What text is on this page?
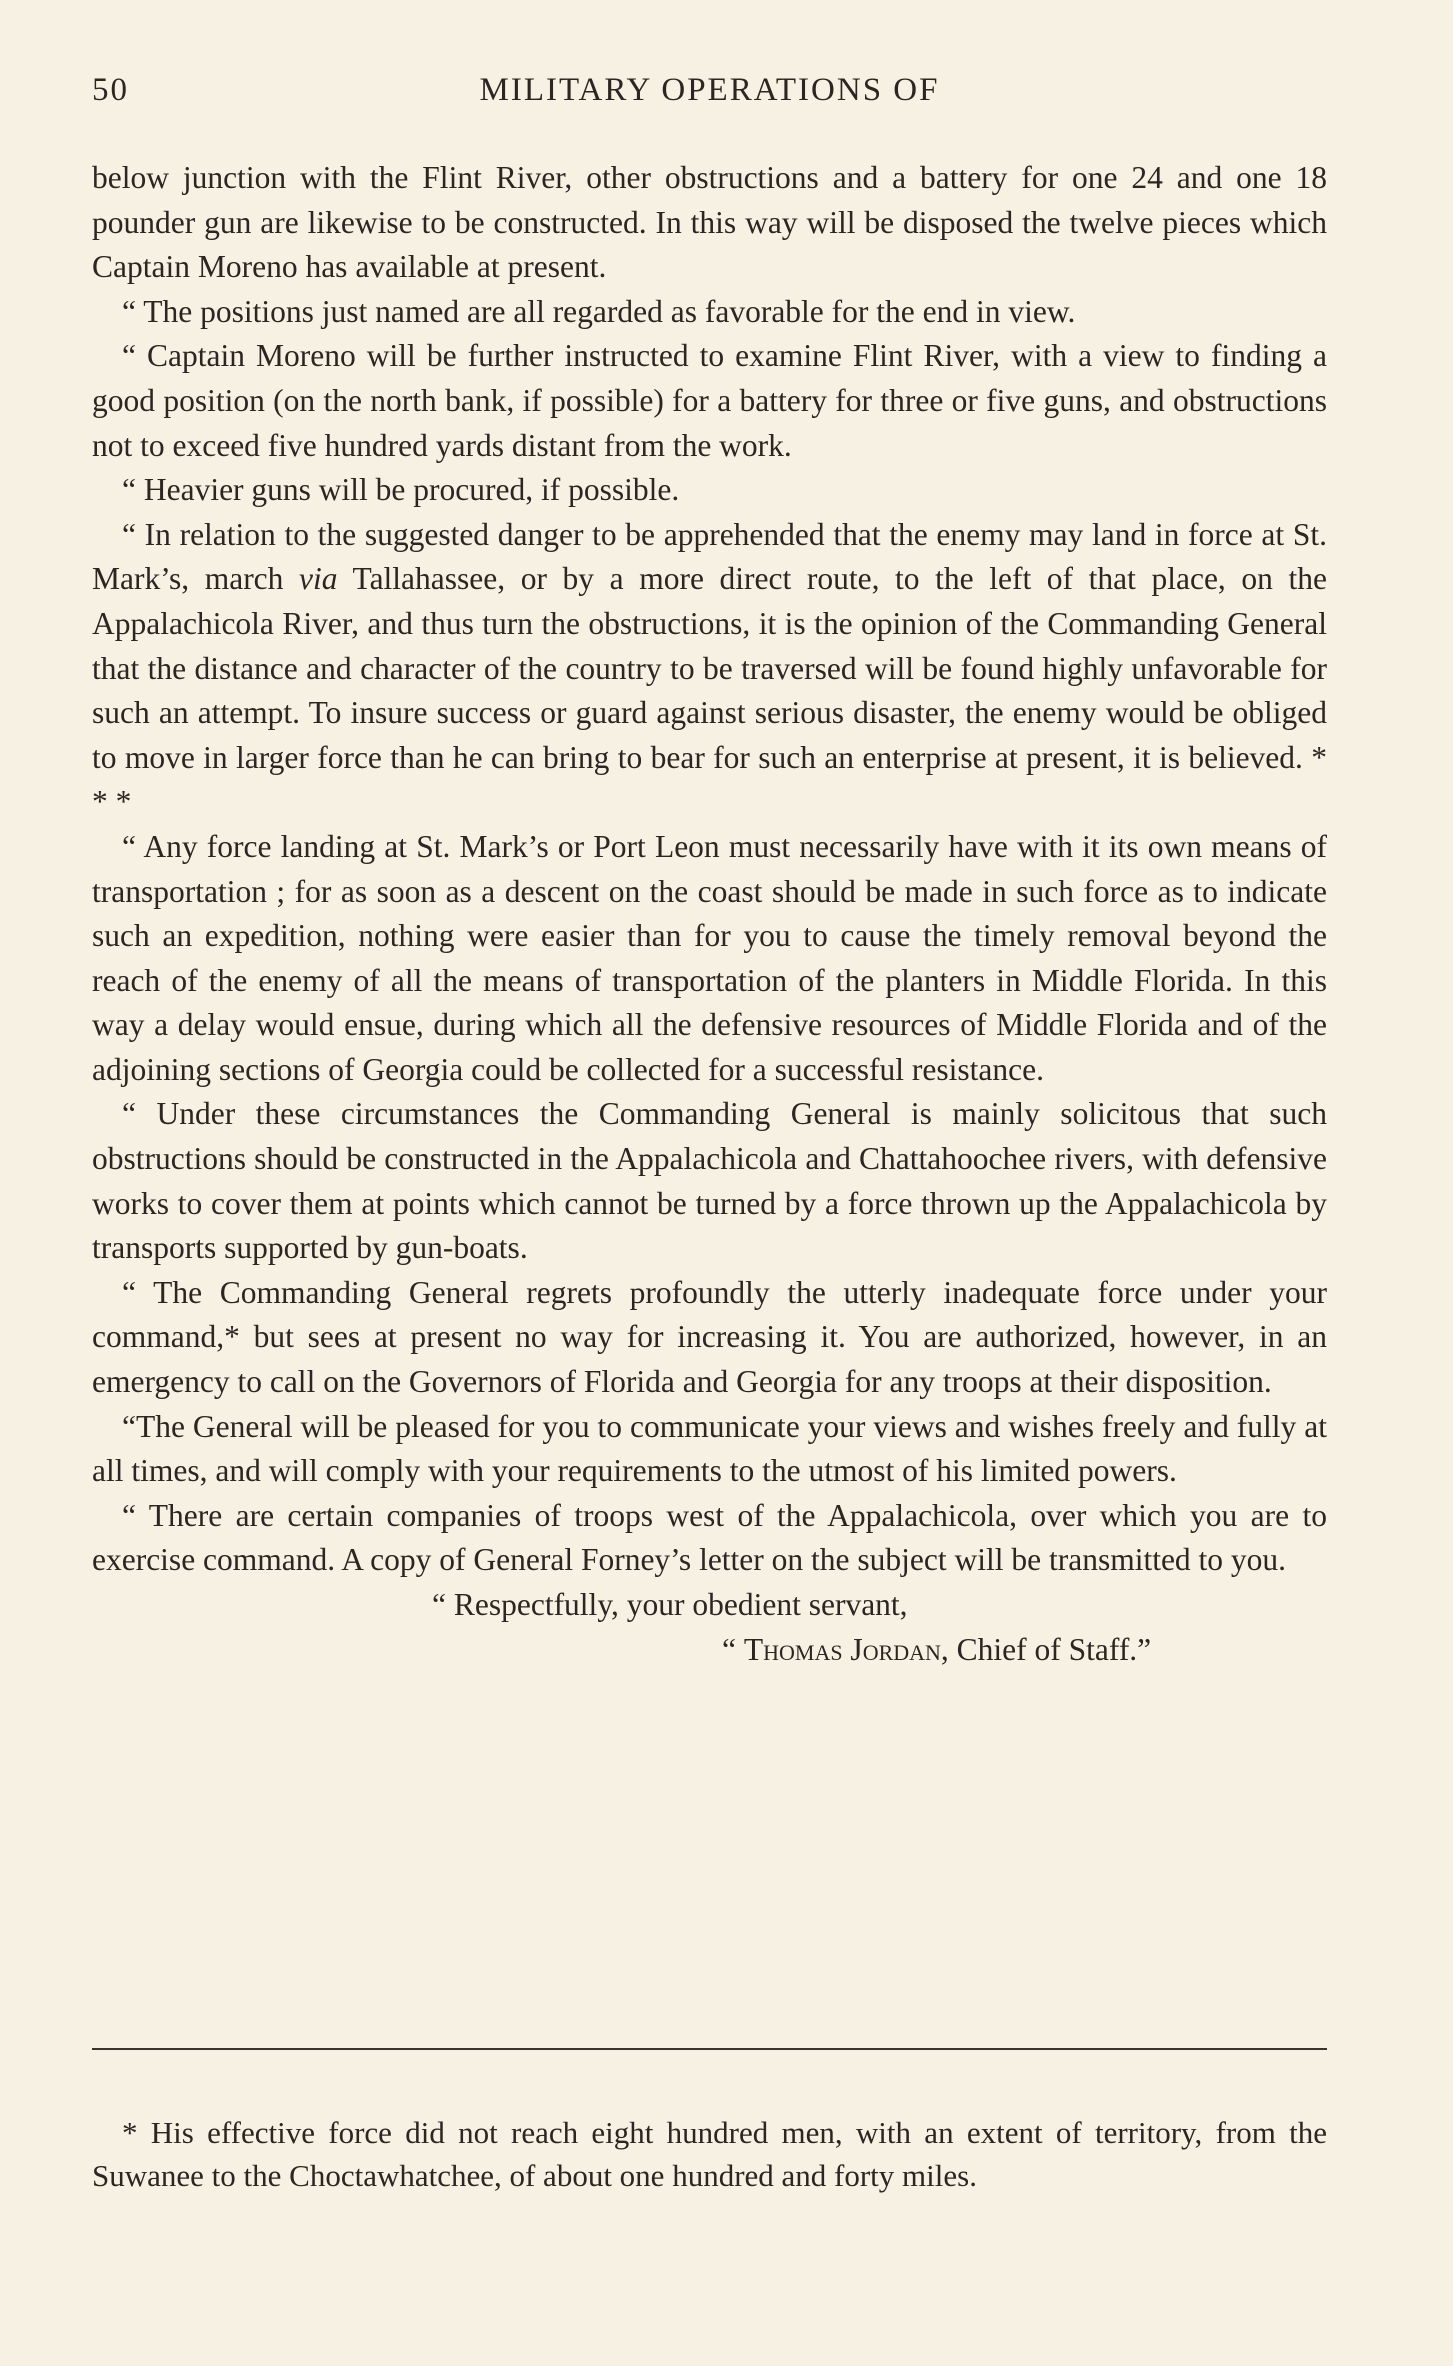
50	MILITARY OPERATIONS OF

below junction with the Flint River, other obstructions and a battery for one 24 and one 18 pounder gun are likewise to be constructed. In this way will be disposed the twelve pieces which Captain Moreno has available at present.

“ The positions just named are all regarded as favorable for the end in view.

“ Captain Moreno will be further instructed to examine Flint River, with a view to finding a good position (on the north bank, if possible) for a battery for three or five guns, and obstructions not to exceed five hundred yards distant from the work.

“ Heavier guns will be procured, if possible.

“ In relation to the suggested danger to be apprehended that the enemy may land in force at St. Mark’s, march via Tallahassee, or by a more direct route, to the left of that place, on the Appalachicola River, and thus turn the obstructions, it is the opinion of the Commanding General that the distance and character of the country to be traversed will be found highly unfavorable for such an attempt. To insure success or guard against serious disaster, the enemy would be obliged to move in larger force than he can bring to bear for such an enterprise at present, it is believed. * * *

“ Any force landing at St. Mark’s or Port Leon must necessarily have with it its own means of transportation ; for as soon as a descent on the coast should be made in such force as to indicate such an expedition, nothing were easier than for you to cause the timely removal beyond the reach of the enemy of all the means of transportation of the planters in Middle Florida. In this way a delay would ensue, during which all the defensive resources of Middle Florida and of the adjoining sections of Georgia could be collected for a successful resistance.

“ Under these circumstances the Commanding General is mainly solicitous that such obstructions should be constructed in the Appalachicola and Chattahoochee rivers, with defensive works to cover them at points which cannot be turned by a force thrown up the Appalachicola by transports supported by gun-boats.

“ The Commanding General regrets profoundly the utterly inadequate force under your command,* but sees at present no way for increasing it. You are authorized, however, in an emergency to call on the Governors of Florida and Georgia for any troops at their disposition.

“The General will be pleased for you to communicate your views and wishes freely and fully at all times, and will comply with your requirements to the utmost of his limited powers.

“ There are certain companies of troops west of the Appalachicola, over which you are to exercise command. A copy of General Forney’s letter on the subject will be transmitted to you.

“ Respectfully, your obedient servant,

“ Thomas Jordan, Chief of Staff.”

* His effective force did not reach eight hundred men, with an extent of territory, from the Suwanee to the Choctawhatchee, of about one hundred and forty miles.
